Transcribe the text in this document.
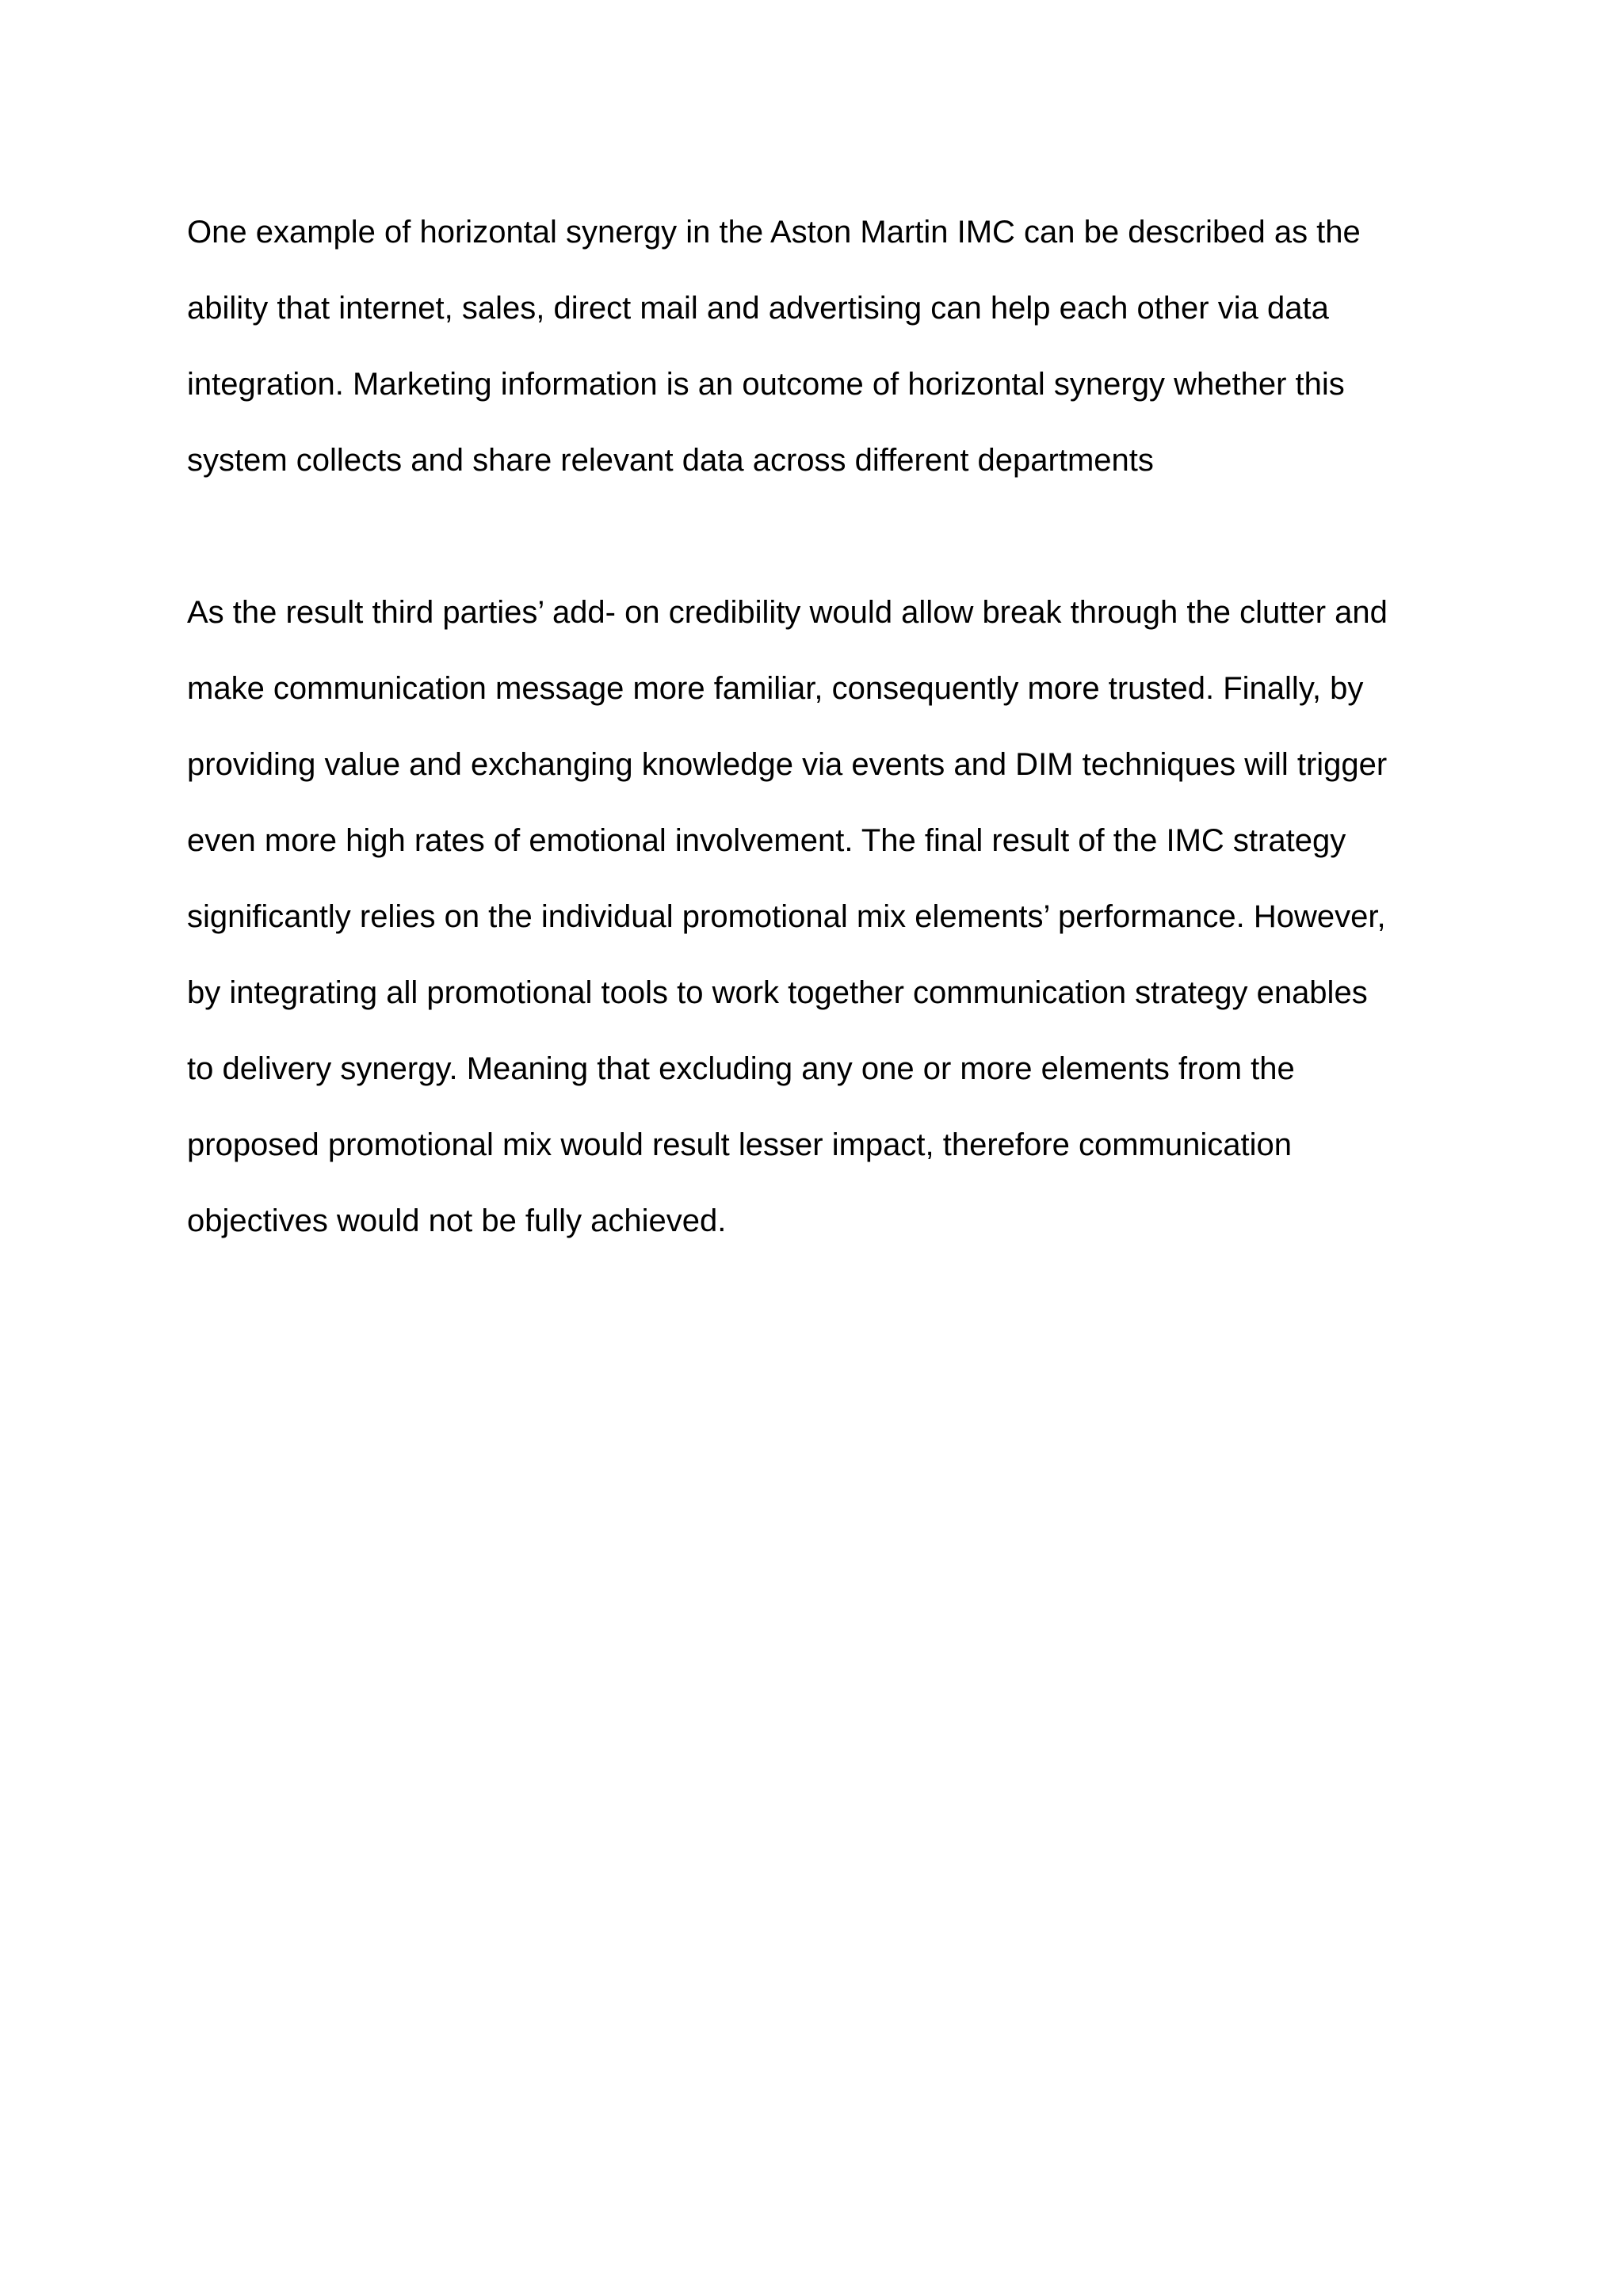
One example of horizontal synergy in the Aston Martin IMC can be described as the
ability that internet, sales, direct mail and advertising can help each other via data
integration. Marketing information is an outcome of horizontal synergy whether this
system collects and share relevant data across different departments

As the result third parties’ add- on credibility would allow break through the clutter and
make communication message more familiar, consequently more trusted. Finally, by
providing value and exchanging knowledge via events and DIM techniques will trigger
even more high rates of emotional involvement. The final result of the IMC strategy
significantly relies on the individual promotional mix elements’ performance. However,
by integrating all promotional tools to work together communication strategy enables
to delivery synergy. Meaning that excluding any one or more elements from the
proposed promotional mix would result lesser impact, therefore communication
objectives would not be fully achieved.
